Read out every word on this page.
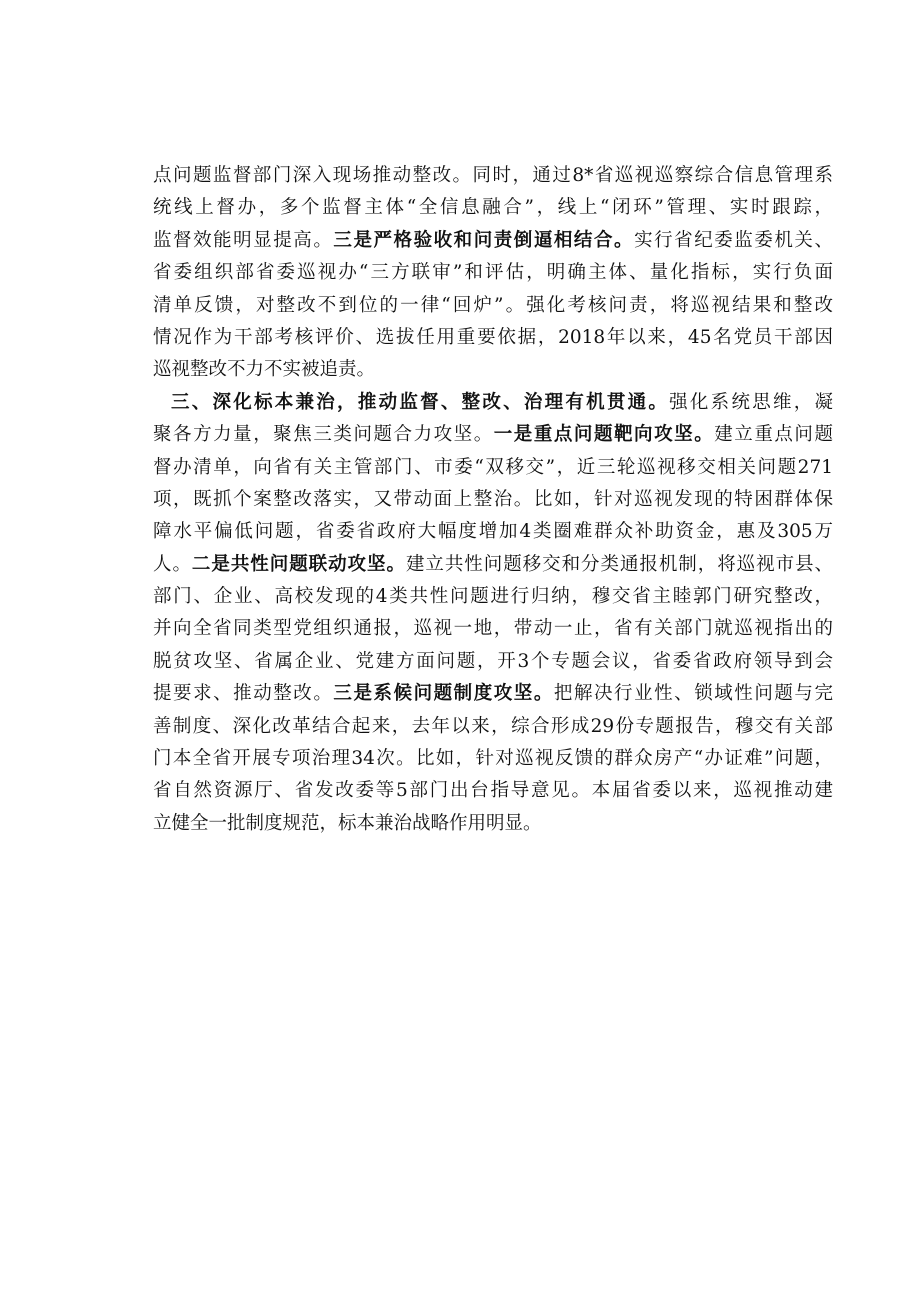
点问题监督部门深入现场推动整改。同时，通过8*省巡视巡察综合信息管理系
统线上督办，多个监督主体“全信息融合”，线上“闭环”管理、实时跟踪，
监督效能明显提高。三是严格验收和问责倒逼相结合。实行省纪委监委机关、
省委组织部省委巡视办“三方联审”和评估，明确主体、量化指标，实行负面
清单反馈，对整改不到位的一律“回炉”。强化考核问责，将巡视结果和整改
情况作为干部考核评价、选拔任用重要依据，2018年以来，45名党员干部因
巡视整改不力不实被追责。
三、深化标本兼治，推动监督、整改、治理有机贯通。强化系统思维，凝
聚各方力量，聚焦三类问题合力攻坚。一是重点问题靶向攻坚。建立重点问题
督办清单，向省有关主管部门、市委“双移交”，近三轮巡视移交相关问题271
项，既抓个案整改落实，又带动面上整治。比如，针对巡视发现的特困群体保
障水平偏低问题，省委省政府大幅度增加4类圈难群众补助资金，惠及305万
人。二是共性问题联动攻坚。建立共性问题移交和分类通报机制，将巡视市县、
部门、企业、高校发现的4类共性问题进行归纳，穆交省主睦郭门研究整改，
并向全省同类型党组织通报，巡视一地，带动一止，省有关部门就巡视指出的
脱贫攻坚、省属企业、党建方面问题，开3个专题会议，省委省政府领导到会
提要求、推动整改。三是系候问题制度攻坚。把解决行业性、锁域性问题与完
善制度、深化改革结合起来，去年以来，综合形成29份专题报告，穆交有关部
门本全省开展专项治理34次。比如，针对巡视反馈的群众房产“办证难”问题，
省自然资源厅、省发改委等5部门出台指导意见。本届省委以来，巡视推动建
立健全一批制度规范，标本兼治战略作用明显。
